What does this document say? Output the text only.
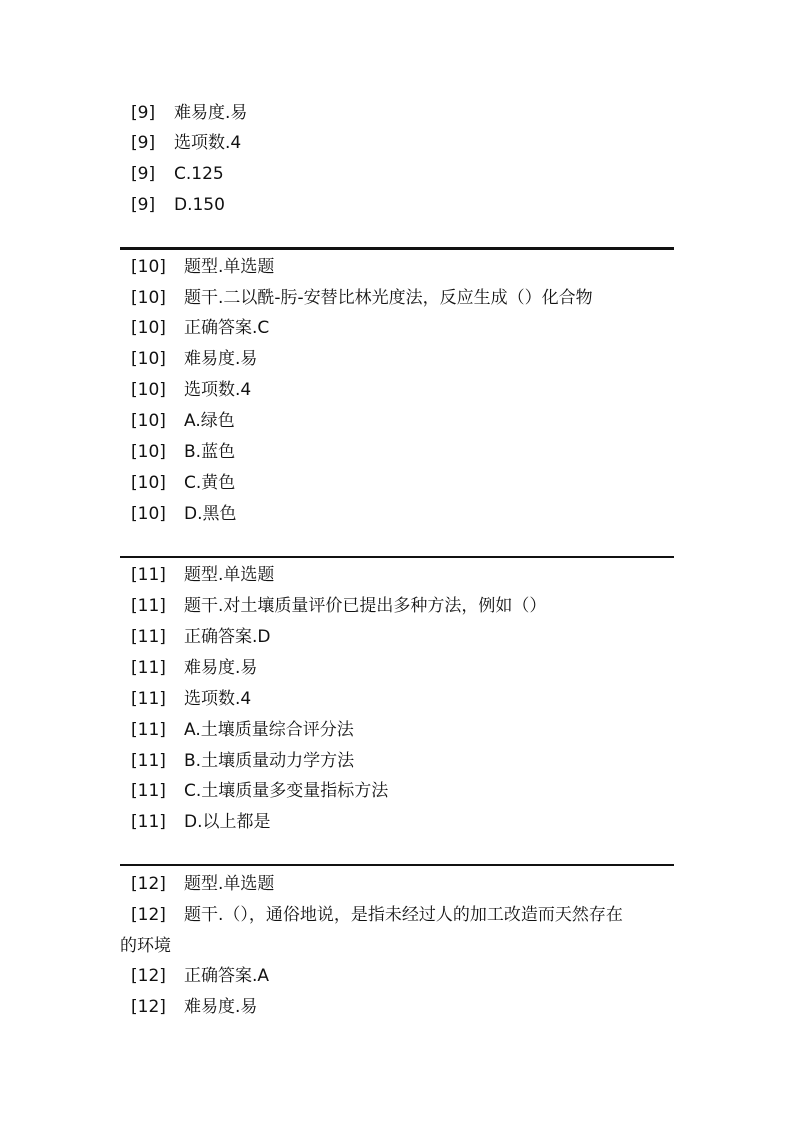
[9] 难易度.易
[9] 选项数.4
[9] C.125
[9] D.150
[10] 题型.单选题
[10] 题干.二以酰-肟-安替比林光度法，反应生成（）化合物
[10] 正确答案.C
[10] 难易度.易
[10] 选项数.4
[10] A.绿色
[10] B.蓝色
[10] C.黄色
[10] D.黑色
[11] 题型.单选题
[11] 题干.对土壤质量评价已提出多种方法，例如（）
[11] 正确答案.D
[11] 难易度.易
[11] 选项数.4
[11] A.土壤质量综合评分法
[11] B.土壤质量动力学方法
[11] C.土壤质量多变量指标方法
[11] D.以上都是
[12] 题型.单选题
[12] 题干.（），通俗地说，是指未经过人的加工改造而天然存在
的环境
[12] 正确答案.A
[12] 难易度.易
